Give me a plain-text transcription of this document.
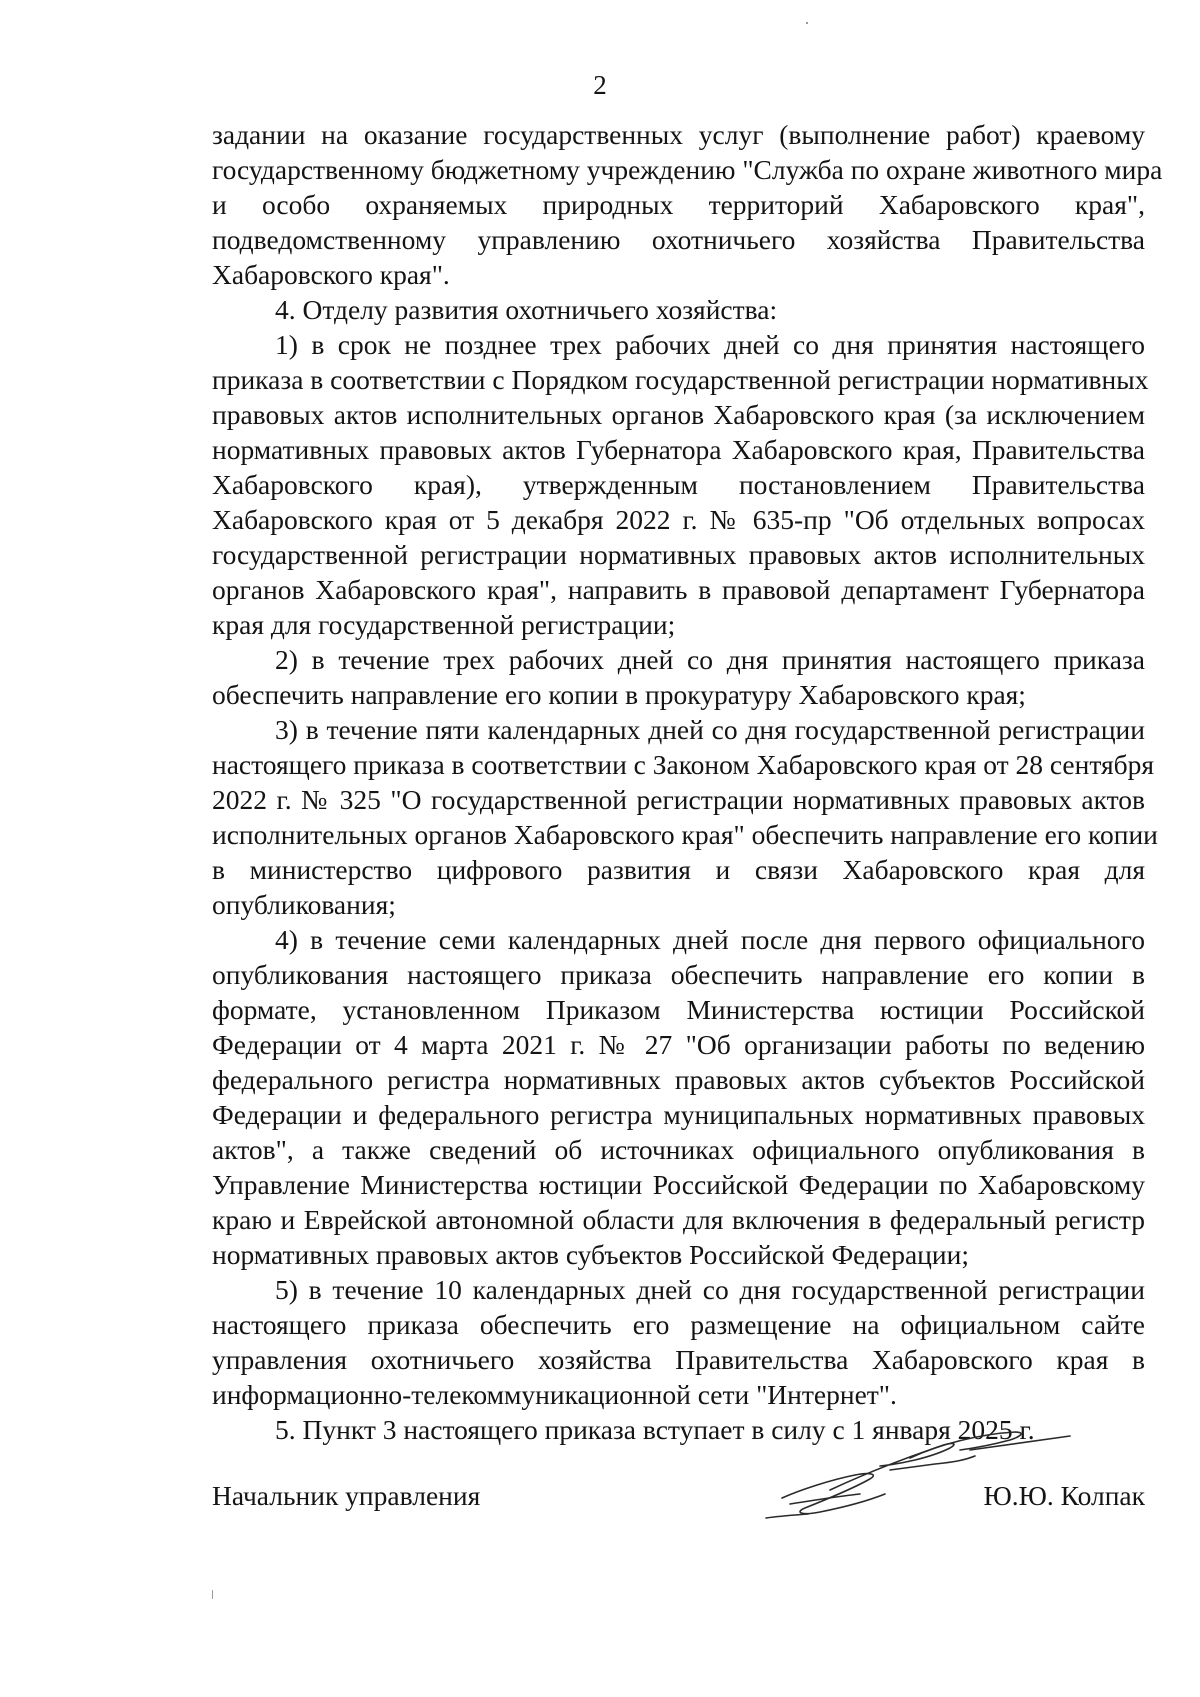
2

задании на оказание государственных услуг (выполнение работ) краевому
государственному бюджетному учреждению "Служба по охране животного мира
и особо охраняемых природных территорий Хабаровского края",
подведомственному управлению охотничьего хозяйства Правительства
Хабаровского края".

4. Отделу развития охотничьего хозяйства:

1) в срок не позднее трех рабочих дней со дня принятия настоящего
приказа в соответствии с Порядком государственной регистрации нормативных
правовых актов исполнительных органов Хабаровского края (за исключением
нормативных правовых актов Губернатора Хабаровского края, Правительства
Хабаровского края), утвержденным постановлением Правительства
Хабаровского края от 5 декабря 2022 г. № 635-пр "Об отдельных вопросах
государственной регистрации нормативных правовых актов исполнительных
органов Хабаровского края", направить в правовой департамент Губернатора
края для государственной регистрации;

2) в течение трех рабочих дней со дня принятия настоящего приказа
обеспечить направление его копии в прокуратуру Хабаровского края;

3) в течение пяти календарных дней со дня государственной регистрации
настоящего приказа в соответствии с Законом Хабаровского края от 28 сентября
2022 г. № 325 "О государственной регистрации нормативных правовых актов
исполнительных органов Хабаровского края" обеспечить направление его копии
в министерство цифрового развития и связи Хабаровского края для
опубликования;

4) в течение семи календарных дней после дня первого официального
опубликования настоящего приказа обеспечить направление его копии в
формате, установленном Приказом Министерства юстиции Российской
Федерации от 4 марта 2021 г. № 27 "Об организации работы по ведению
федерального регистра нормативных правовых актов субъектов Российской
Федерации и федерального регистра муниципальных нормативных правовых
актов", а также сведений об источниках официального опубликования в
Управление Министерства юстиции Российской Федерации по Хабаровскому
краю и Еврейской автономной области для включения в федеральный регистр
нормативных правовых актов субъектов Российской Федерации;

5) в течение 10 календарных дней со дня государственной регистрации
настоящего приказа обеспечить его размещение на официальном сайте
управления охотничьего хозяйства Правительства Хабаровского края в
информационно-телекоммуникационной сети "Интернет".

5. Пункт 3 настоящего приказа вступает в силу с 1 января 2025 г.

Начальник управления	Ю.Ю. Колпак
